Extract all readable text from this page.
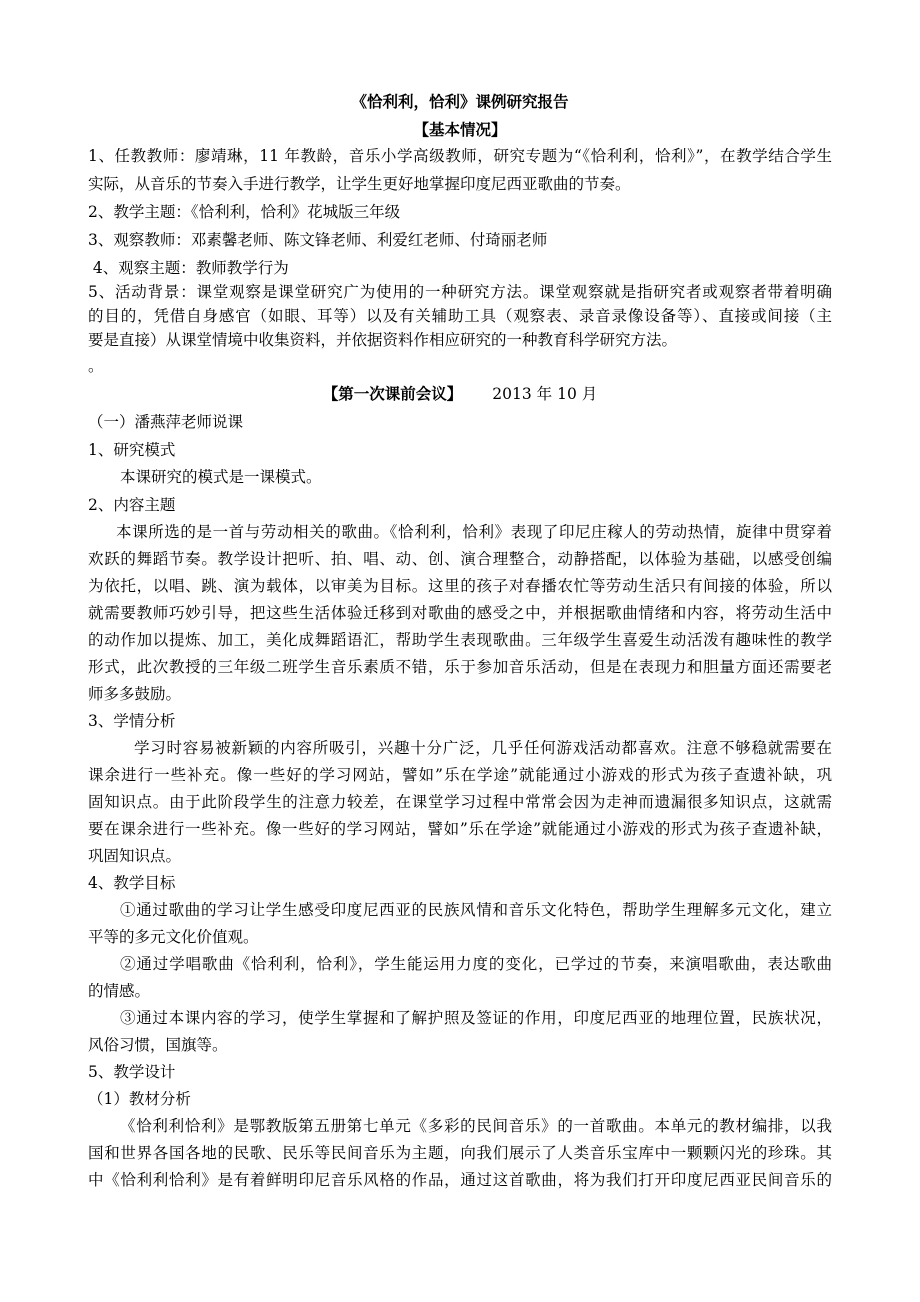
《恰利利，恰利》课例研究报告
【基本情况】
1、任教教师：廖靖琳，11 年教龄，音乐小学高级教师，研究专题为“《恰利利，恰利》”，在教学结合学生
实际，从音乐的节奏入手进行教学，让学生更好地掌握印度尼西亚歌曲的节奏。
2、教学主题：《恰利利，恰利》花城版三年级
3、观察教师：邓素馨老师、陈文锋老师、利爱红老师、付琦丽老师
4、观察主题：教师教学行为
5、活动背景：课堂观察是课堂研究广为使用的一种研究方法。课堂观察就是指研究者或观察者带着明确
的目的，凭借自身感官（如眼、耳等）以及有关辅助工具（观察表、录音录像设备等）、直接或间接（主
要是直接）从课堂情境中收集资料，并依据资料作相应研究的一种教育科学研究方法。
。
【第一次课前会议】 2013 年 10 月
（一）潘燕萍老师说课
1、研究模式
本课研究的模式是一课模式。
2、内容主题
本课所选的是一首与劳动相关的歌曲。《恰利利，恰利》表现了印尼庄稼人的劳动热情，旋律中贯穿着
欢跃的舞蹈节奏。教学设计把听、拍、唱、动、创、演合理整合，动静搭配，以体验为基础，以感受创编
为依托，以唱、跳、演为载体，以审美为目标。这里的孩子对春播农忙等劳动生活只有间接的体验，所以
就需要教师巧妙引导，把这些生活体验迁移到对歌曲的感受之中，并根据歌曲情绪和内容，将劳动生活中
的动作加以提炼、加工，美化成舞蹈语汇，帮助学生表现歌曲。三年级学生喜爱生动活泼有趣味性的教学
形式，此次教授的三年级二班学生音乐素质不错，乐于参加音乐活动，但是在表现力和胆量方面还需要老
师多多鼓励。
3、学情分析
学习时容易被新颖的内容所吸引，兴趣十分广泛，几乎任何游戏活动都喜欢。注意不够稳就需要在
课余进行一些补充。像一些好的学习网站，譬如”乐在学途”就能通过小游戏的形式为孩子查遗补缺，巩
固知识点。由于此阶段学生的注意力较差，在课堂学习过程中常常会因为走神而遗漏很多知识点，这就需
要在课余进行一些补充。像一些好的学习网站，譬如”乐在学途”就能通过小游戏的形式为孩子查遗补缺，
巩固知识点。
4、教学目标
①通过歌曲的学习让学生感受印度尼西亚的民族风情和音乐文化特色，帮助学生理解多元文化，建立
平等的多元文化价值观。
②通过学唱歌曲《恰利利，恰利》，学生能运用力度的变化，已学过的节奏，来演唱歌曲，表达歌曲
的情感。
③通过本课内容的学习，使学生掌握和了解护照及签证的作用，印度尼西亚的地理位置，民族状况，
风俗习惯，国旗等。
5、教学设计
（1）教材分析
《恰利利恰利》是鄂教版第五册第七单元《多彩的民间音乐》的一首歌曲。本单元的教材编排，以我
国和世界各国各地的民歌、民乐等民间音乐为主题，向我们展示了人类音乐宝库中一颗颗闪光的珍珠。其
中《恰利利恰利》是有着鲜明印尼音乐风格的作品，通过这首歌曲，将为我们打开印度尼西亚民间音乐的
